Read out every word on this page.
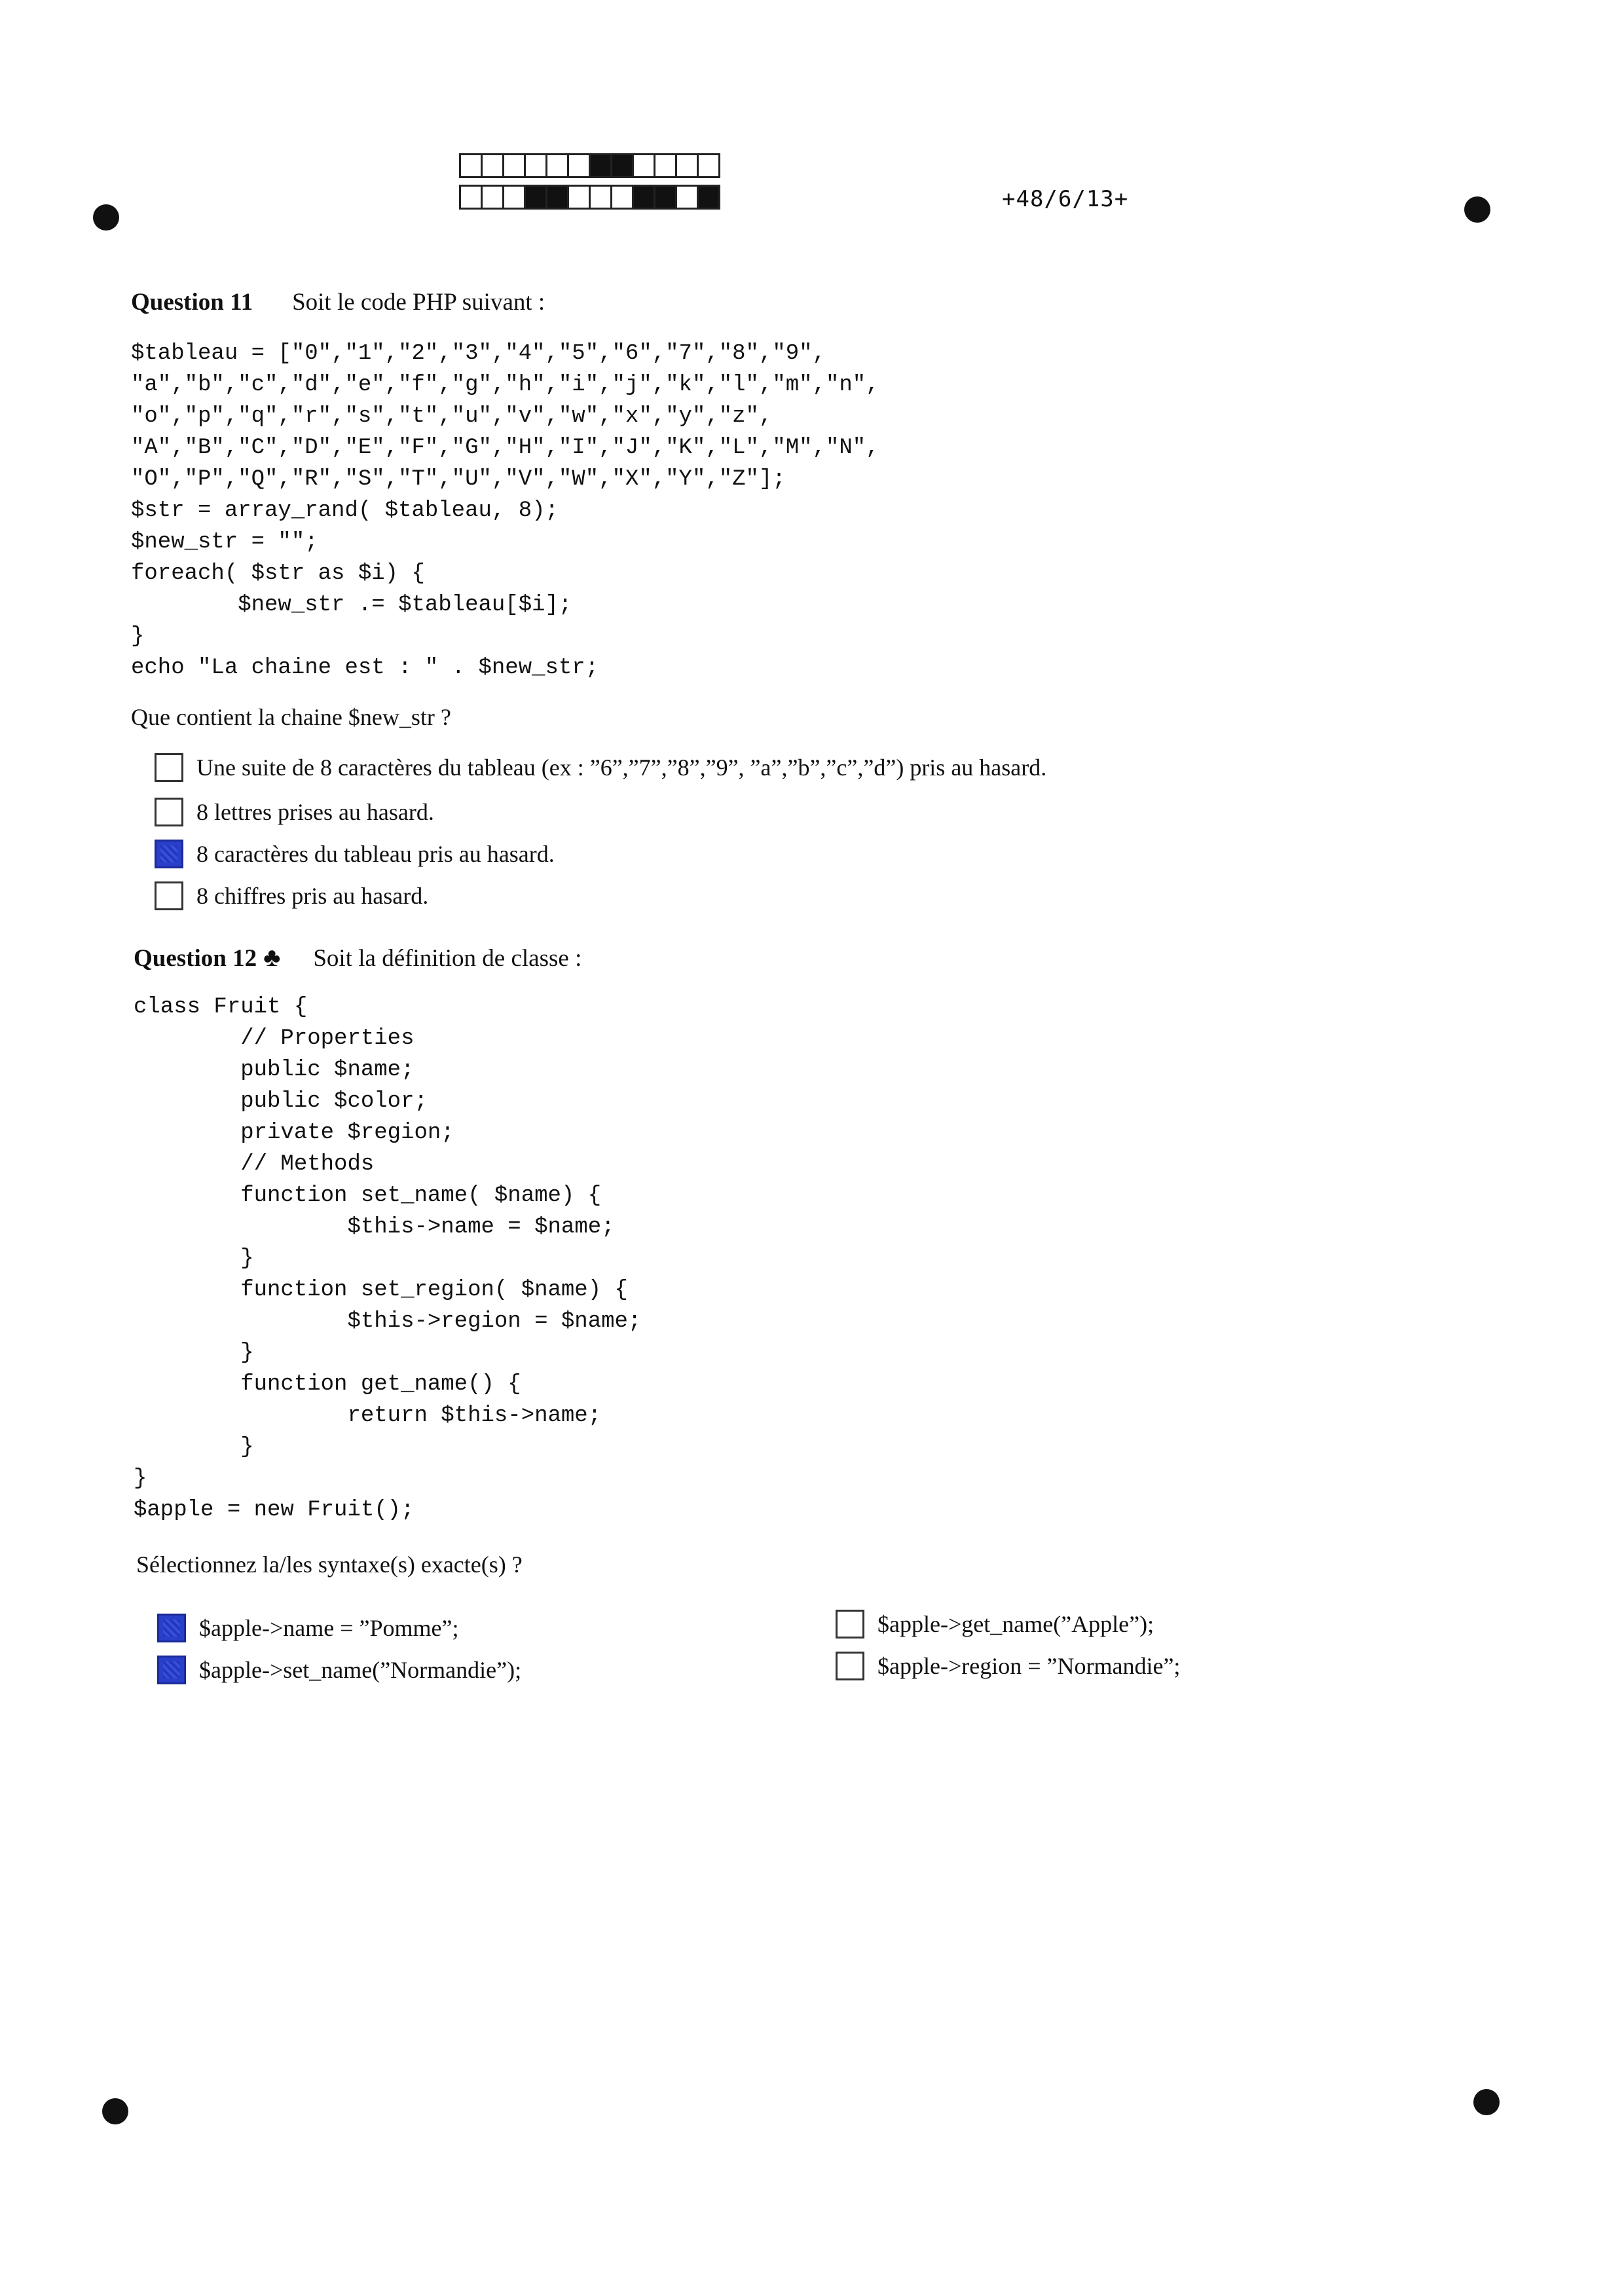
+48/6/13+
Question 11 Soit le code PHP suivant :
$tableau = ["0","1","2","3","4","5","6","7","8","9",
"a","b","c","d","e","f","g","h","i","j","k","l","m","n",
"o","p","q","r","s","t","u","v","w","x","y","z",
"A","B","C","D","E","F","G","H","I","J","K","L","M","N",
"O","P","Q","R","S","T","U","V","W","X","Y","Z"];
$str = array_rand( $tableau, 8);
$new_str = "";
foreach( $str as $i) {
$new_str .= $tableau[$i];
}
echo "La chaine est : " . $new_str;
Que contient la chaine $new_str ?
Une suite de 8 caractères du tableau (ex : ”6”,”7”,”8”,”9”, ”a”,”b”,”c”,”d”) pris au hasard.
8 lettres prises au hasard.
8 caractères du tableau pris au hasard.
8 chiffres pris au hasard.
Question 12 ♣ Soit la définition de classe :
class Fruit {
// Properties
public $name;
public $color;
private $region;
// Methods
function set_name( $name) {
$this->name = $name;
}
function set_region( $name) {
$this->region = $name;
}
function get_name() {
return $this->name;
}
}
$apple = new Fruit();
Sélectionnez la/les syntaxe(s) exacte(s) ?
$apple->name = ”Pomme”;
$apple->set_name(”Normandie”);
$apple->get_name(”Apple”);
$apple->region = ”Normandie”;
